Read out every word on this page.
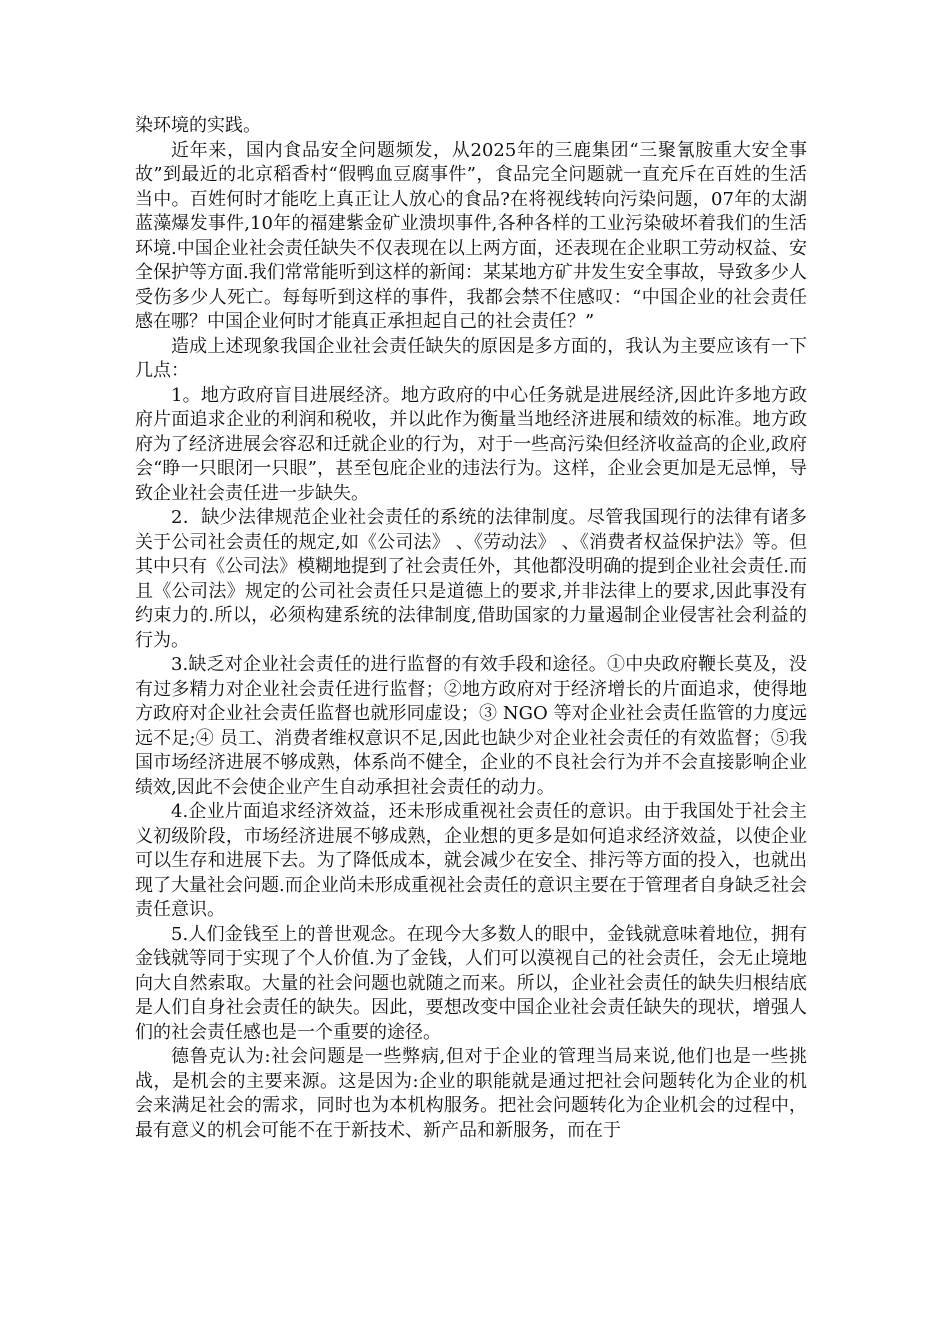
染环境的实践。

近年来，国内食品安全问题频发，从2025年的三鹿集团“三聚氰胺重大安全事故”到最近的北京稻香村“假鸭血豆腐事件”，食品完全问题就一直充斥在百姓的生活当中。百姓何时才能吃上真正让人放心的食品?在将视线转向污染问题，07年的太湖蓝藻爆发事件,10年的福建紫金矿业溃坝事件,各种各样的工业污染破坏着我们的生活环境.中国企业社会责任缺失不仅表现在以上两方面，还表现在企业职工劳动权益、安全保护等方面.我们常常能听到这样的新闻：某某地方矿井发生安全事故，导致多少人受伤多少人死亡。每每听到这样的事件，我都会禁不住感叹：“中国企业的社会责任感在哪？中国企业何时才能真正承担起自己的社会责任？”

造成上述现象我国企业社会责任缺失的原因是多方面的，我认为主要应该有一下几点：

1。地方政府盲目进展经济。地方政府的中心任务就是进展经济,因此许多地方政府片面追求企业的利润和税收，并以此作为衡量当地经济进展和绩效的标准。地方政府为了经济进展会容忍和迁就企业的行为，对于一些高污染但经济收益高的企业,政府会“睁一只眼闭一只眼”，甚至包庇企业的违法行为。这样，企业会更加是无忌惮，导致企业社会责任进一步缺失。

2．缺少法律规范企业社会责任的系统的法律制度。尽管我国现行的法律有诸多关于公司社会责任的规定,如《公司法》 、《劳动法》 、《消费者权益保护法》等。但其中只有《公司法》模糊地提到了社会责任外，其他都没明确的提到企业社会责任.而且《公司法》规定的公司社会责任只是道德上的要求,并非法律上的要求,因此事没有约束力的.所以，必须构建系统的法律制度,借助国家的力量遏制企业侵害社会利益的行为。

3.缺乏对企业社会责任的进行监督的有效手段和途径。①中央政府鞭长莫及，没有过多精力对企业社会责任进行监督；②地方政府对于经济增长的片面追求，使得地方政府对企业社会责任监督也就形同虚设；③ NGO 等对企业社会责任监管的力度远远不足;④ 员工、消费者维权意识不足,因此也缺少对企业社会责任的有效监督；⑤我国市场经济进展不够成熟，体系尚不健全，企业的不良社会行为并不会直接影响企业绩效,因此不会使企业产生自动承担社会责任的动力。

4.企业片面追求经济效益，还未形成重视社会责任的意识。由于我国处于社会主义初级阶段，市场经济进展不够成熟，企业想的更多是如何追求经济效益，以使企业可以生存和进展下去。为了降低成本，就会减少在安全、排污等方面的投入，也就出现了大量社会问题.而企业尚未形成重视社会责任的意识主要在于管理者自身缺乏社会责任意识。

5.人们金钱至上的普世观念。在现今大多数人的眼中，金钱就意味着地位，拥有金钱就等同于实现了个人价值.为了金钱，人们可以漠视自己的社会责任，会无止境地向大自然索取。大量的社会问题也就随之而来。所以，企业社会责任的缺失归根结底是人们自身社会责任的缺失。因此，要想改变中国企业社会责任缺失的现状，增强人们的社会责任感也是一个重要的途径。

德鲁克认为:社会问题是一些弊病,但对于企业的管理当局来说,他们也是一些挑战，是机会的主要来源。这是因为:企业的职能就是通过把社会问题转化为企业的机会来满足社会的需求，同时也为本机构服务。把社会问题转化为企业机会的过程中，最有意义的机会可能不在于新技术、新产品和新服务，而在于
